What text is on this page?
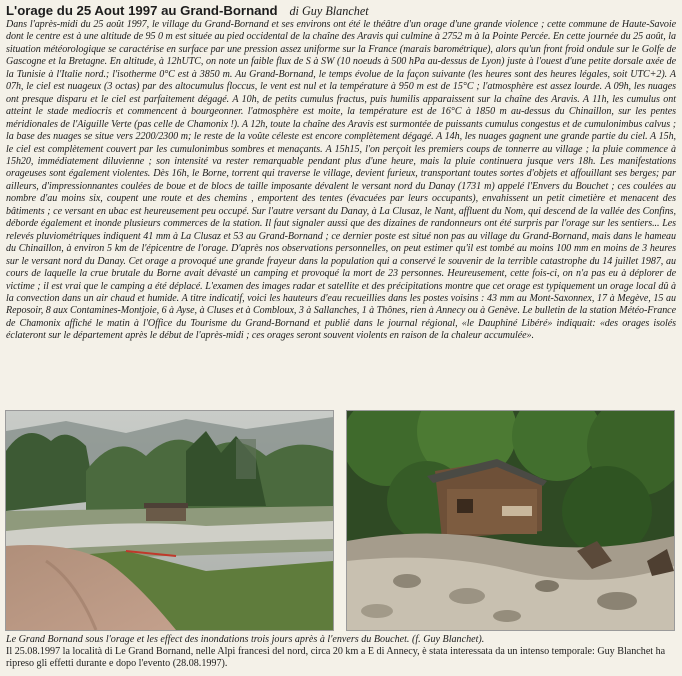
L'orage du 25 Aout 1997 au Grand-Bornand di Guy Blanchet

Dans l'après-midi du 25 août 1997, le village du Grand-Bornand et ses environs ont été le théâtre d'un orage d'une grande violence ; cette commune de Haute-Savoie dont le centre est à une altitude de 95 0 m est située au pied occidental de la chaîne des Aravis qui culmine à 2752 m à la Pointe Percée. En cette journée du 25 août, la situation météorologique se caractérise en surface par une pression assez uniforme sur la France (marais barométrique), alors qu'un front froid ondule sur le Golfe de Gascogne et la Bretagne. En altitude, à 12hUTC, on note un faible flux de S à SW (10 noeuds à 500 hPa au-dessus de Lyon) juste à l'ouest d'une petite dorsale axée de la Tunisie à l'Italie nord.; l'isotherme 0°C est à 3850 m. Au Grand-Bornand, le temps évolue de la façon suivante (les heures sont des heures légales, soit UTC+2). A 07h, le ciel est nuageux (3 octas) par des altocumulus floccus, le vent est nul et la température à 950 m est de 15°C ; l'atmosphère est assez lourde. A 09h, les nuages ont presque disparu et le ciel est parfaitement dégagé. A 10h, de petits cumulus fractus, puis humilis apparaissent sur la chaîne des Aravis. A 11h, les cumulus ont atteint le stade mediocris et commencent à bourgeonner. l'atmosphère est moite, la température est de 16°C à 1850 m au-dessus du Chinaillon, sur les pentes méridionales de l'Aiguille Verte (pas celle de Chamonix !). A 12h, toute la chaîne des Aravis est surmontée de puissants cumulus congestus et de cumulonimbus calvus ; la base des nuages se situe vers 2200/2300 m; le reste de la voûte céleste est encore complètement dégagé. A 14h, les nuages gagnent une grande partie du ciel. A 15h, le ciel est complètement couvert par les cumulonimbus sombres et menaçants. A 15h15, l'on perçoit les premiers coups de tonnerre au village ; la pluie commence à 15h20, immédiatement diluvienne ; son intensité va rester remarquable pendant plus d'une heure, mais la pluie continuera jusque vers 18h. Les manifestations orageuses sont également violentes. Dès 16h, le Borne, torrent qui traverse le village, devient furieux, transportant toutes sortes d'objets et affouillant ses berges; par ailleurs, d'impressionnantes coulées de boue et de blocs de taille imposante dévalent le versant nord du Danay (1731 m) appelé l'Envers du Bouchet ; ces coulées au nombre d'au moins six, coupent une route et des chemins , emportent des tentes (évacuées par leurs occupants), envahissent un petit cimetière et menacent des bâtiments ; ce versant en ubac est heureusement peu occupé. Sur l'autre versant du Danay, à La Clusaz, le Nant, affluent du Nom, qui descend de la vallée des Confins, déborde également et inonde plusieurs commerces de la station. Il faut signaler aussi que des dizaines de randonneurs ont été surpris par l'orage sur les sentiers... Les relevés pluviométriques indiquent 41 mm à La Clusaz et 53 au Grand-Bornand ; ce dernier poste est situé non pas au village du Grand-Bornand, mais dans le hameau du Chinaillon, à environ 5 km de l'épicentre de l'orage. D'après nos observations personnelles, on peut estimer qu'il est tombé au moins 100 mm en moins de 3 heures sur le versant nord du Danay. Cet orage a provoqué une grande frayeur dans la population qui a conservé le souvenir de la terrible catastrophe du 14 juillet 1987, au cours de laquelle la crue brutale du Borne avait dévasté un camping et provoqué la mort de 23 personnes. Heureusement, cette fois-ci, on n'a pas eu à déplorer de victime ; il est vrai que le camping a été déplacé. L'examen des images radar et satellite et des précipitations montre que cet orage est typiquement un orage local dû à la convection dans un air chaud et humide. A titre indicatif, voici les hauteurs d'eau recueillies dans les postes voisins : 43 mm au Mont-Saxonnex, 17 à Megève, 15 au Reposoir, 8 aux Contamines-Montjoie, 6 à Ayse, à Cluses et à Combloux, 3 à Sallanches, 1 à Thônes, rien à Annecy ou à Genève. Le bulletin de la station Météo-France de Chamonix affiché le matin à l'Office du Tourisme du Grand-Bornand et publié dans le journal régional, «le Dauphiné Libéré» indiquait: «des orages isolés éclateront sur le département après le début de l'après-midi ; ces orages seront souvent violents en raison de la chaleur accumulée».

Le Grand Bornand sous l'orage et les effect des inondations trois jours après à l'envers du Bouchet. (f. Guy Blanchet).
Il 25.08.1997 la località di Le Grand Bornand, nelle Alpi francesi del nord, circa 20 km a E di Annecy, è stata interessata da un intenso temporale: Guy Blanchet ha ripreso gli effetti durante e dopo l'evento (28.08.1997).
